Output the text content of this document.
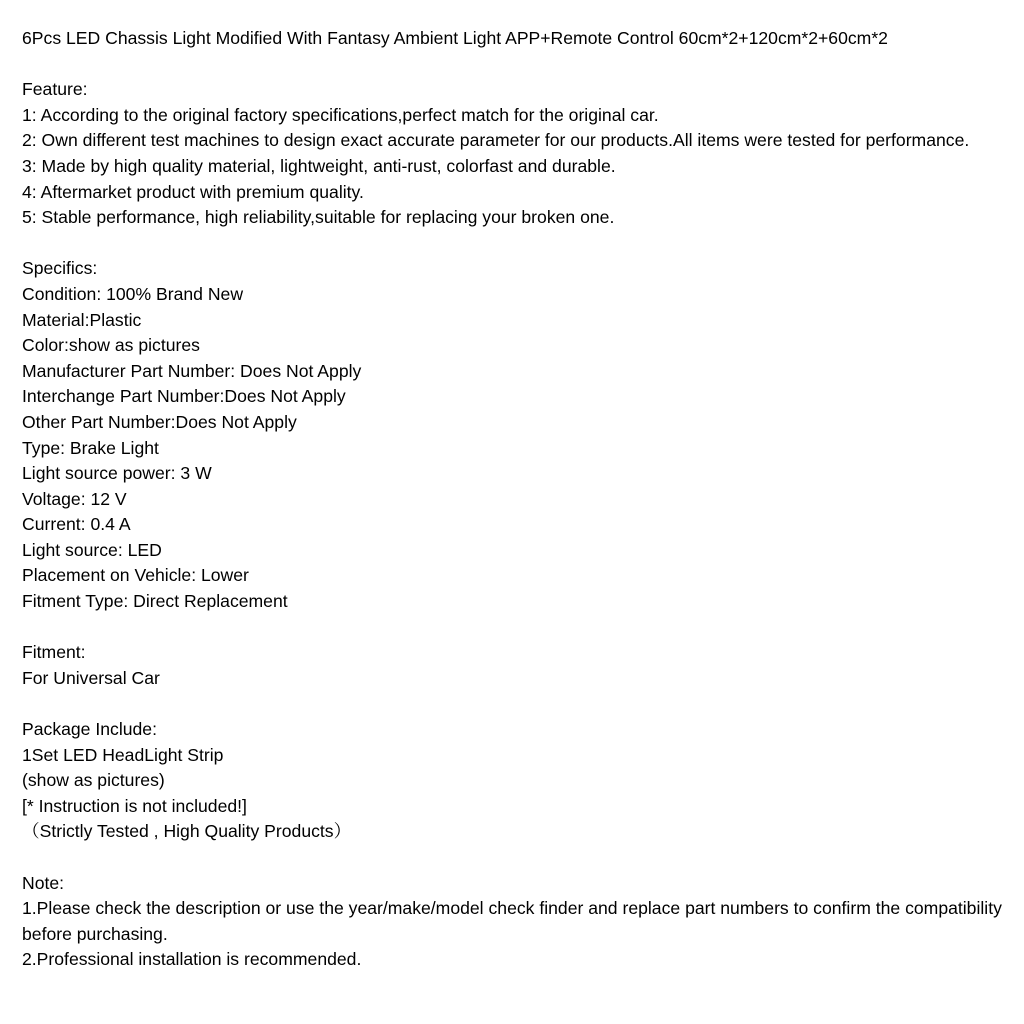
6Pcs LED Chassis Light Modified With Fantasy Ambient Light APP+Remote Control 60cm*2+120cm*2+60cm*2
Feature:
1: According to the original factory specifications,perfect match for the original car.
2: Own different test machines to design exact accurate parameter for our products.All items were tested for performance.
3: Made by high quality material, lightweight, anti-rust, colorfast and durable.
4: Aftermarket product with premium quality.
5: Stable performance, high reliability,suitable for replacing your broken one.
Specifics:
Condition: 100% Brand New
Material:Plastic
Color:show as pictures
Manufacturer Part Number: Does Not Apply
Interchange Part Number:Does Not Apply
Other Part Number:Does Not Apply
Type: Brake Light
Light source power: 3 W
Voltage: 12 V
Current: 0.4 A
Light source: LED
Placement on Vehicle: Lower
Fitment Type: Direct Replacement
Fitment:
For Universal Car
Package Include:
1Set LED HeadLight Strip
(show as pictures)
[* Instruction is not included!]
（Strictly Tested , High Quality Products）
Note:
1.Please check the description or use the year/make/model check finder and replace part numbers to confirm the compatibility before purchasing.
2.Professional installation is recommended.
